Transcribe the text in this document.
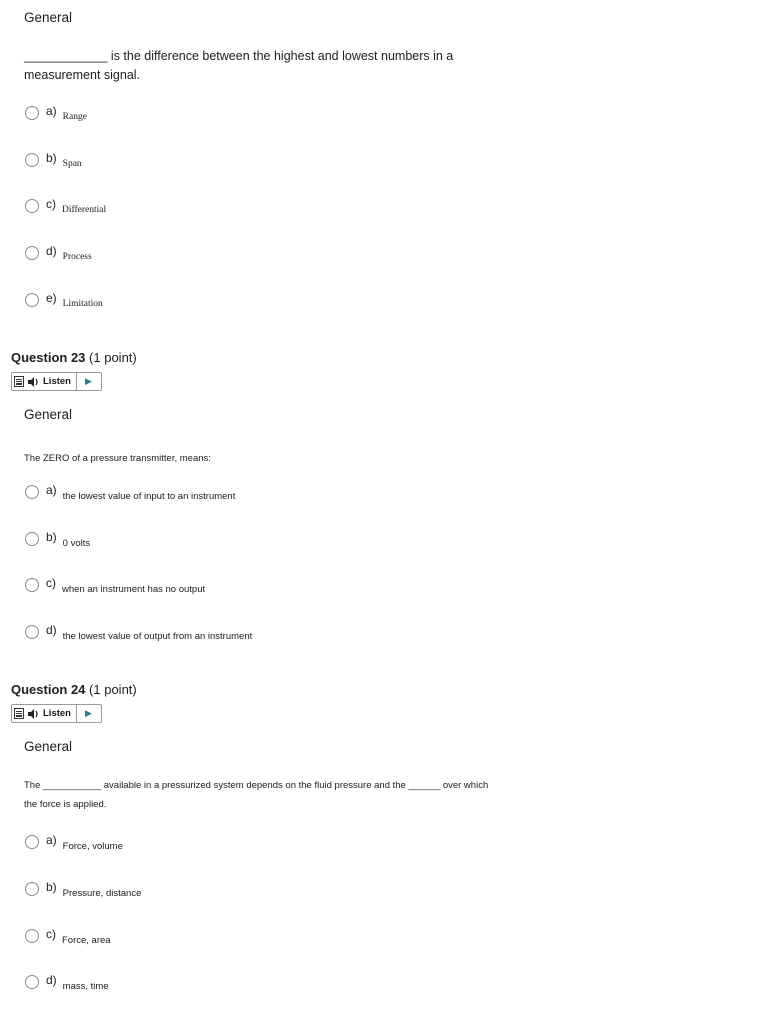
General
____________ is the difference between the highest and lowest numbers in a
measurement signal.
a) Range
b) Span
c) Differential
d) Process
e) Limitation
Question 23 (1 point)
Listen ▶
General
The ZERO of a pressure transmitter, means:
a) the lowest value of input to an instrument
b) 0 volts
c) when an instrument has no output
d) the lowest value of output from an instrument
Question 24 (1 point)
Listen ▶
General
The ___________ available in a pressurized system depends on the fluid pressure and the ______ over which
the force is applied.
a) Force, volume
b) Pressure, distance
c) Force, area
d) mass, time
